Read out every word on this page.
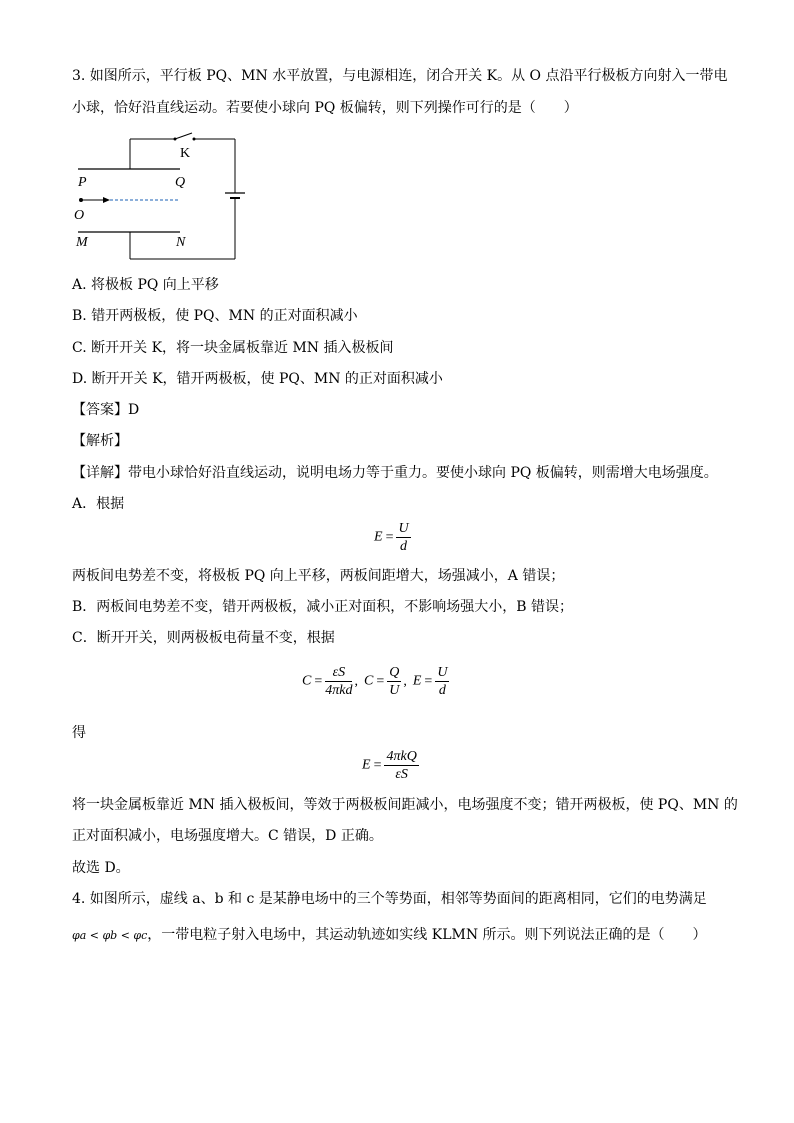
3. 如图所示，平行板 PQ、MN 水平放置，与电源相连，闭合开关 K。从 O 点沿平行极板方向射入一带电
小球，恰好沿直线运动。若要使小球向 PQ 板偏转，则下列操作可行的是（　　）
K
P	Q
O
M	N
A. 将极板 PQ 向上平移
B. 错开两极板，使 PQ、MN 的正对面积减小
C. 断开开关 K，将一块金属板靠近 MN 插入极板间
D. 断开开关 K，错开两极板，使 PQ、MN 的正对面积减小
【答案】D
【解析】
【详解】带电小球恰好沿直线运动，说明电场力等于重力。要使小球向 PQ 板偏转，则需增大电场强度。
A．根据
$E = \frac{U}{d}$
两板间电势差不变，将极板 PQ 向上平移，两板间距增大，场强减小，A 错误；
B．两板间电势差不变，错开两极板，减小正对面积，不影响场强大小，B 错误；
C．断开开关，则两极板电荷量不变，根据
$C = \frac{\varepsilon S}{\text{4πkd}}$ , $C = \frac{Q}{U}$ , $E = \frac{U}{d}$
得
$E = \frac{\text{4πkQ}}{\varepsilon S}$
将一块金属板靠近 MN 插入极板间，等效于两极板间距减小，电场强度不变；错开两极板，使 PQ、MN 的
正对面积减小，电场强度增大。C 错误，D 正确。
故选 D。
4. 如图所示，虚线 a、b 和 c 是某静电场中的三个等势面，相邻等势面间的距离相同，它们的电势满足
φa < φb < φc，一带电粒子射入电场中，其运动轨迹如实线 KLMN 所示。则下列说法正确的是（　　）
